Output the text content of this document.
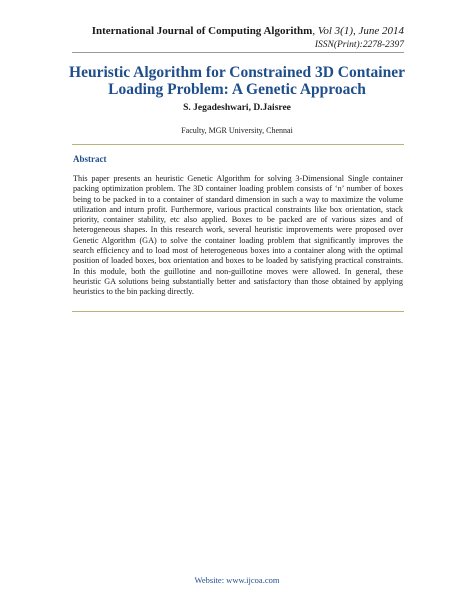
International Journal of Computing Algorithm, Vol 3(1), June 2014
ISSN(Print):2278-2397
Heuristic Algorithm for Constrained 3D Container
Loading Problem: A Genetic Approach
S. Jegadeshwari, D.Jaisree
Faculty, MGR University, Chennai
Abstract
This paper presents an heuristic Genetic Algorithm for solving 3-Dimensional Single container packing optimization problem. The 3D container loading problem consists of ‘n’ number of boxes being to be packed in to a container of standard dimension in such a way to maximize the volume utilization and inturn profit. Furthermore, various practical constraints like box orientation, stack priority, container stability, etc also applied. Boxes to be packed are of various sizes and of heterogeneous shapes. In this research work, several heuristic improvements were proposed over Genetic Algorithm (GA) to solve the container loading problem that significantly improves the search efficiency and to load most of heterogeneous boxes into a container along with the optimal position of loaded boxes, box orientation and boxes to be loaded by satisfying practical constraints. In this module, both the guillotine and non-guillotine moves were allowed. In general, these heuristic GA solutions being substantially better and satisfactory than those obtained by applying heuristics to the bin packing directly.
Website: www.ijcoa.com
